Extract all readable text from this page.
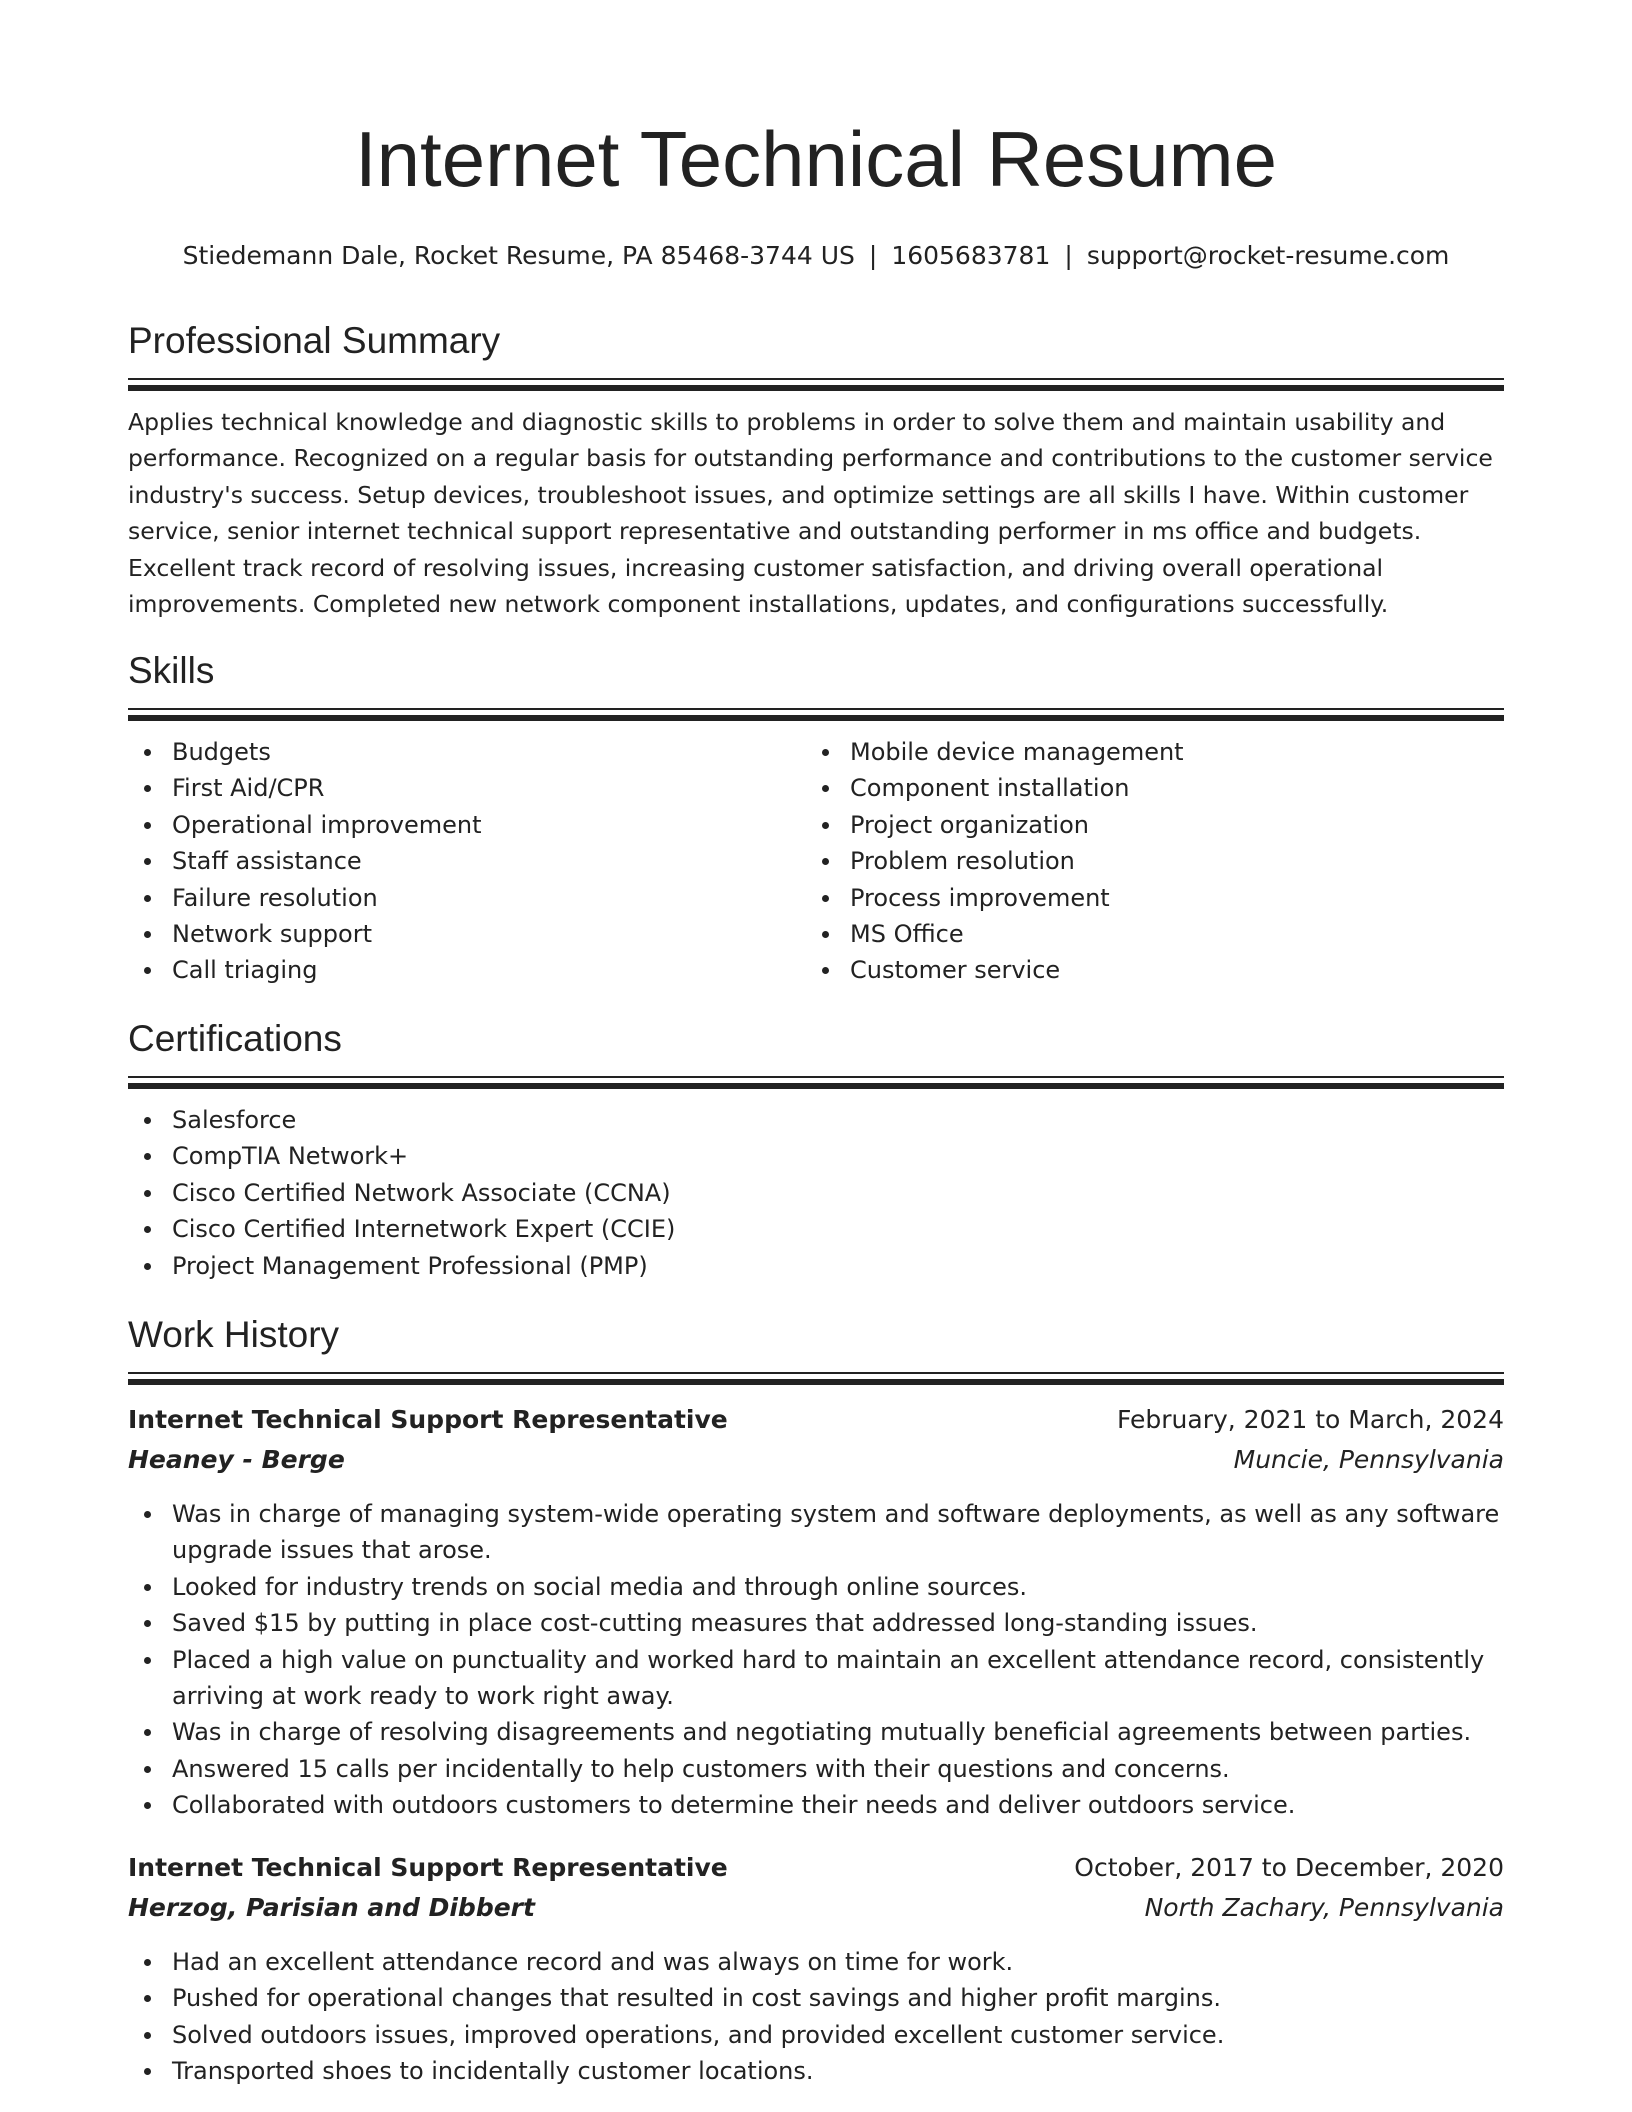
Internet Technical Resume
Stiedemann Dale, Rocket Resume, PA 85468-3744 US | 1605683781 | support@rocket-resume.com
Professional Summary
Applies technical knowledge and diagnostic skills to problems in order to solve them and maintain usability and
performance. Recognized on a regular basis for outstanding performance and contributions to the customer service
industry's success. Setup devices, troubleshoot issues, and optimize settings are all skills I have. Within customer
service, senior internet technical support representative and outstanding performer in ms office and budgets.
Excellent track record of resolving issues, increasing customer satisfaction, and driving overall operational
improvements. Completed new network component installations, updates, and configurations successfully.
Skills
Budgets
First Aid/CPR
Operational improvement
Staff assistance
Failure resolution
Network support
Call triaging
Mobile device management
Component installation
Project organization
Problem resolution
Process improvement
MS Office
Customer service
Certifications
Salesforce
CompTIA Network+
Cisco Certified Network Associate (CCNA)
Cisco Certified Internetwork Expert (CCIE)
Project Management Professional (PMP)
Work History
Internet Technical Support Representative	February, 2021 to March, 2024
Heaney - Berge	Muncie, Pennsylvania
Was in charge of managing system-wide operating system and software deployments, as well as any software
upgrade issues that arose.
Looked for industry trends on social media and through online sources.
Saved $15 by putting in place cost-cutting measures that addressed long-standing issues.
Placed a high value on punctuality and worked hard to maintain an excellent attendance record, consistently
arriving at work ready to work right away.
Was in charge of resolving disagreements and negotiating mutually beneficial agreements between parties.
Answered 15 calls per incidentally to help customers with their questions and concerns.
Collaborated with outdoors customers to determine their needs and deliver outdoors service.
Internet Technical Support Representative	October, 2017 to December, 2020
Herzog, Parisian and Dibbert	North Zachary, Pennsylvania
Had an excellent attendance record and was always on time for work.
Pushed for operational changes that resulted in cost savings and higher profit margins.
Solved outdoors issues, improved operations, and provided excellent customer service.
Transported shoes to incidentally customer locations.
